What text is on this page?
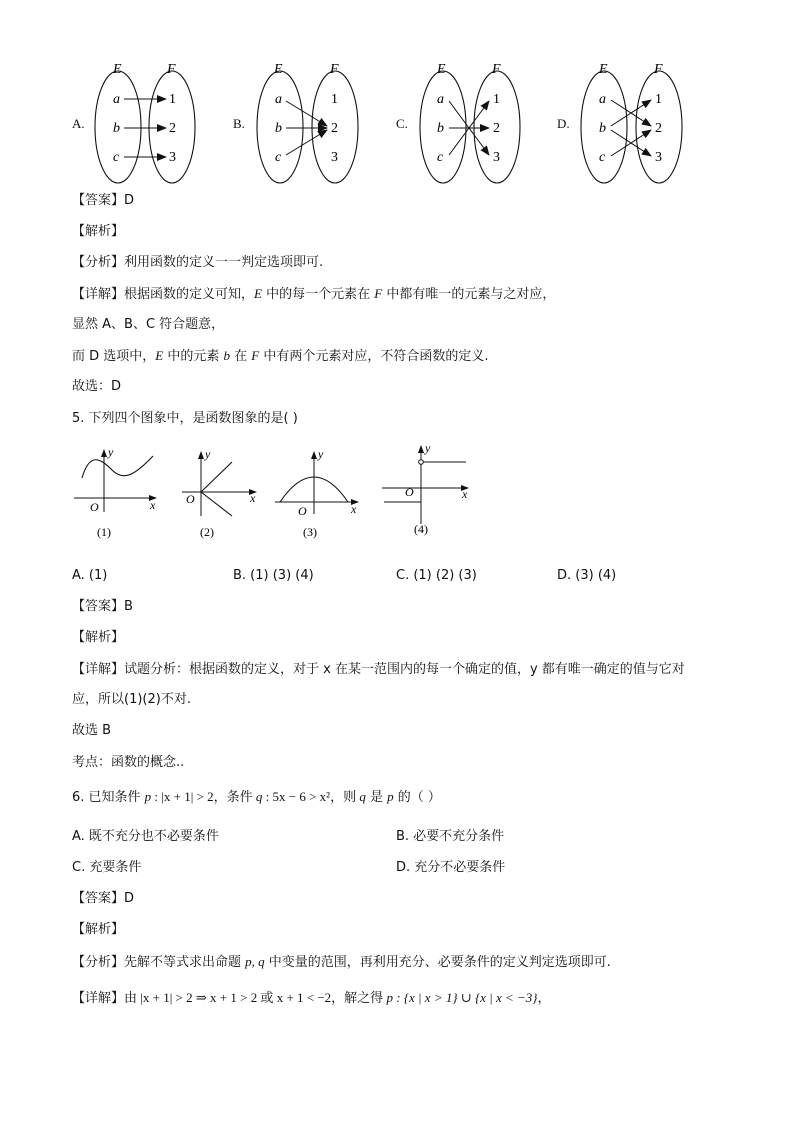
A.	B.	C.	D.
E	F
a
b
c
1
2
3
E	F
a
b
c
1
2
3
E	F
a
b
c
1
2
3
E	F
a
b
c
1
2
3
【答案】D
【解析】
【分析】利用函数的定义一一判定选项即可.
【详解】根据函数的定义可知，E 中的每一个元素在 F 中都有唯一的元素与之对应，
显然 A、B、C 符合题意，
而 D 选项中，E 中的元素 b 在 F 中有两个元素对应，不符合函数的定义.
故选：D
5. 下列四个图象中，是函数图象的是( )
x
y
O
(1)
x
y
O
(2)
x
y
O
(3)
x
y
O
(4)
A. (1)	B. (1) (3) (4)	C. (1) (2) (3)	D. (3) (4)
【答案】B
【解析】
【详解】试题分析：根据函数的定义，对于 x 在某一范围内的每一个确定的值，y 都有唯一确定的值与它对
应，所以(1)(2)不对.
故选 B
考点：函数的概念..
6. 已知条件 p : |x + 1| > 2，条件 q : 5x − 6 > x²，则 q 是 p 的（ ）
A. 既不充分也不必要条件	B. 必要不充分条件
C. 充要条件	D. 充分不必要条件
【答案】D
【解析】
【分析】先解不等式求出命题 p, q 中变量的范围，再利用充分、必要条件的定义判定选项即可.
【详解】由 |x + 1| > 2 ⇒ x + 1 > 2 或 x + 1 < −2，解之得 p : {x | x > 1} ∪ {x | x < −3}，
